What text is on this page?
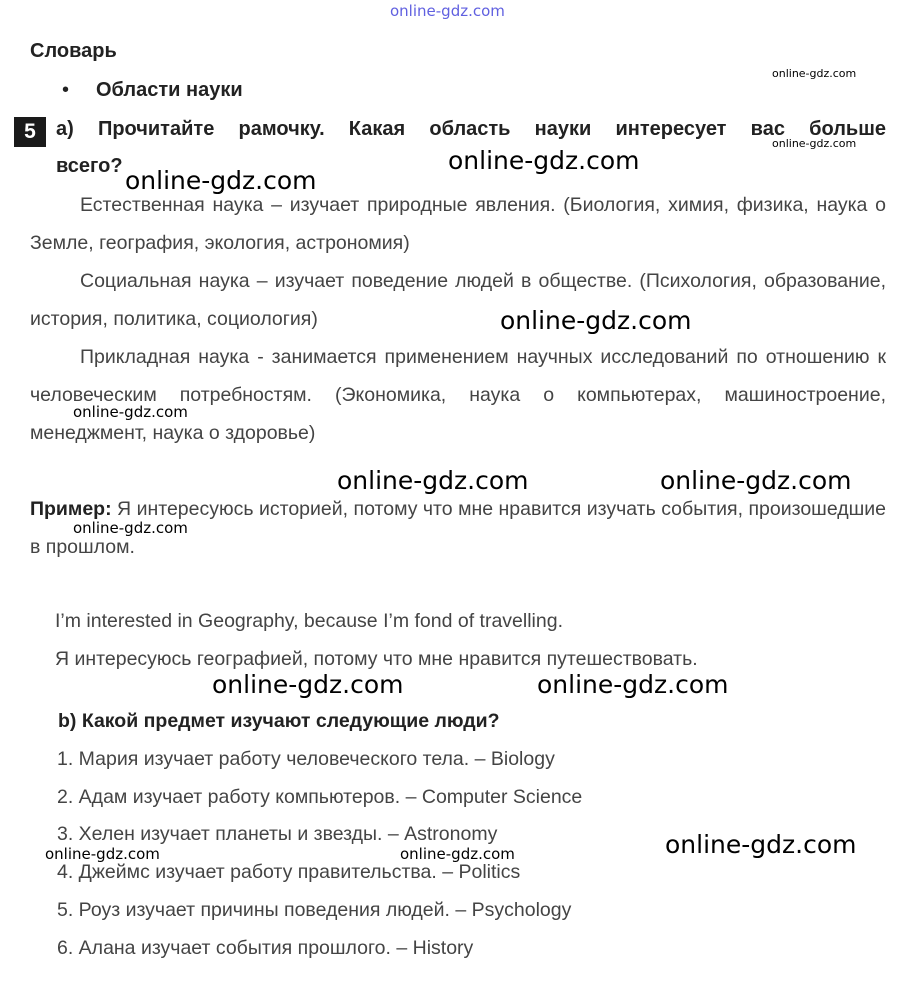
online-gdz.com
online-gdz.com
online-gdz.com
online-gdz.com
online-gdz.com
online-gdz.com
online-gdz.com
online-gdz.com	online-gdz.com
online-gdz.com
online-gdz.com	online-gdz.com
online-gdz.com
online-gdz.com	online-gdz.com
Словарь
• Области науки
5	a) Прочитайте рамочку. Какая область науки интересует вас больше
всего?
Естественная наука – изучает природные явления. (Биология, химия, физика, наука о Земле, география, экология, астрономия)
Социальная наука – изучает поведение людей в обществе. (Психология, образование, история, политика, социология)
Прикладная наука - занимается применением научных исследований по отношению к человеческим потребностям. (Экономика, наука о компьютерах, машиностроение, менеджмент, наука о здоровье)
Пример: Я интересуюсь историей, потому что мне нравится изучать события, произошедшие в прошлом.
I’m interested in Geography, because I’m fond of travelling.
Я интересуюсь географией, потому что мне нравится путешествовать.
b) Какой предмет изучают следующие люди?
1. Мария изучает работу человеческого тела. – Biology
2. Адам изучает работу компьютеров. – Computer Science
3. Хелен изучает планеты и звезды. – Astronomy
4. Джеймс изучает работу правительства. – Politics
5. Роуз изучает причины поведения людей. – Psychology
6. Алана изучает события прошлого. – History
